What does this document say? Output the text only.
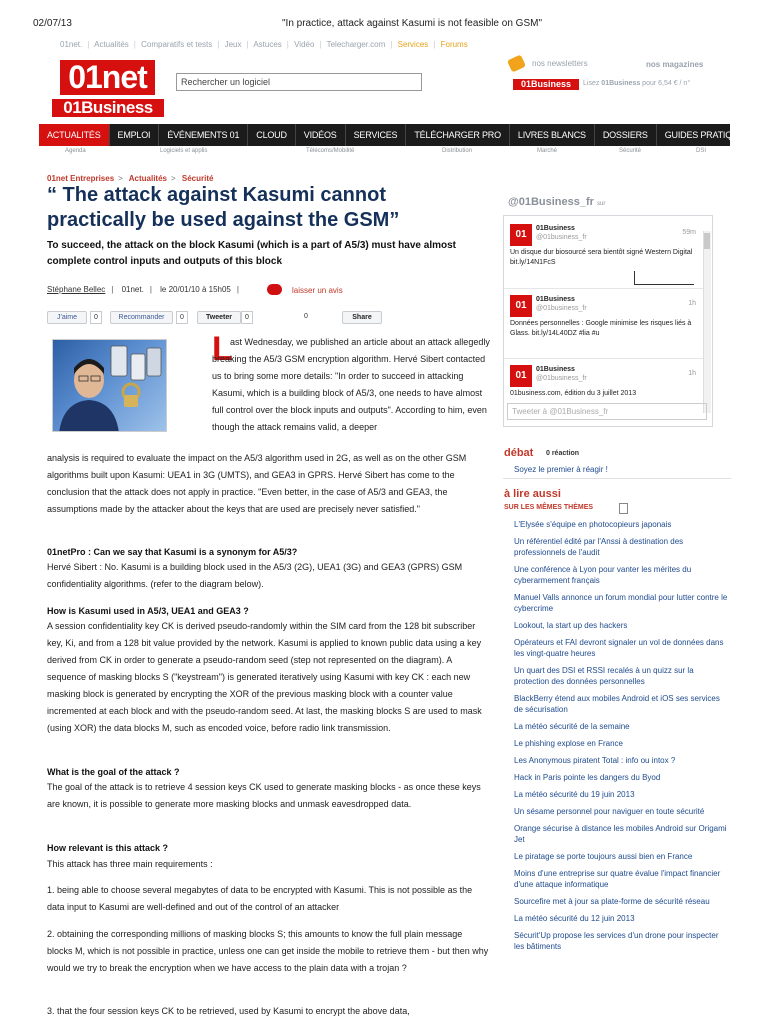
02/07/13	"In practice, attack against Kasumi is not feasible on GSM"
01net. | Actualités | Comparatifs et tests | Jeux | Astuces | Vidéo | Telecharger.com | Services | Forums
01net
01Business
Rechercher un logiciel
nos newsletters	nos magazines
01Business	Lisez 01Business pour 6,54 € / n°
ACTUALITÉS	EMPLOI	ÉVÉNEMENTS 01	CLOUD	VIDÉOS	SERVICES	TÉLÉCHARGER PRO	LIVRES BLANCS	DOSSIERS	GUIDES PRATIQUES
Agenda	Logiciels et applis	Télécoms/Mobilité	Distribution	Marché	Sécurité	DSI
01net Entreprises > Actualités > Sécurité
“ The attack against Kasumi cannot practically be used against the GSM”
To succeed, the attack on the block Kasumi (which is a part of A5/3) must have almost complete control inputs and outputs of this block
Stéphane Bellec | 01net. | le 20/01/10 à 15h05 |	laisser un avis
J'aime	0	Recommander	0	Tweeter	0	0	Share
L
ast Wednesday, we published an article about an attack allegedly breaking the A5/3 GSM encryption algorithm. Hervé Sibert contacted us to bring some more details: "In order to succeed in attacking Kasumi, which is a building block of A5/3, one needs to have almost full control over the block inputs and outputs". According to him, even though the attack remains valid, a deeper
analysis is required to evaluate the impact on the A5/3 algorithm used in 2G, as well as on the other GSM algorithms built upon Kasumi: UEA1 in 3G (UMTS), and GEA3 in GPRS. Hervé Sibert has come to the conclusion that the attack does not apply in practice. "Even better, in the case of A5/3 and GEA3, the assumptions made by the attacker about the keys that are used are precisely never satisfied."
01netPro : Can we say that Kasumi is a synonym for A5/3?
Hervé Sibert : No. Kasumi is a building block used in the A5/3 (2G), UEA1 (3G) and GEA3 (GPRS) GSM confidentiality algorithms. (refer to the diagram below).
How is Kasumi used in A5/3, UEA1 and GEA3 ?
A session confidentiality key CK is derived pseudo-randomly within the SIM card from the 128 bit subscriber key, Ki, and from a 128 bit value provided by the network. Kasumi is applied to known public data using a key derived from CK in order to generate a pseudo-random seed (step not represented on the diagram). A sequence of masking blocks S ("keystream") is generated iteratively using Kasumi with key CK : each new masking block is generated by encrypting the XOR of the previous masking block with a counter value incremented at each block and with the pseudo-random seed. At last, the masking blocks S are used to mask (using XOR) the data blocks M, such as encoded voice, before radio link transmission.
What is the goal of the attack ?
The goal of the attack is to retrieve 4 session keys CK used to generate masking blocks - as once these keys are known, it is possible to generate more masking blocks and unmask eavesdropped data.
How relevant is this attack ?
This attack has three main requirements :
1. being able to choose several megabytes of data to be encrypted with Kasumi. This is not possible as the data input to Kasumi are well-defined and out of the control of an attacker
2. obtaining the corresponding millions of masking blocks S; this amounts to know the full plain message blocks M, which is not possible in practice, unless one can get inside the mobile to retrieve them - but then why would we try to break the encryption when we have access to the plain data with a trojan ?
3. that the four session keys CK to be retrieved, used by Kasumi to encrypt the above data,
@01Business_fr sur
01
01Business
@01business_fr
59m
Un disque dur biosourcé sera bientôt signé Western Digital bit.ly/14N1FcS
01
01Business
@01business_fr
1h
Données personnelles : Google minimise les risques liés à Glass. bit.ly/14L40DZ #lia #u
01
01Business
@01business_fr
1h
01business.com, édition du 3 juillet 2013
Tweeter à @01Business_fr
débat 0 réaction
Soyez le premier à réagir !
à lire aussi
SUR LES MÊMES THÈMES
L'Elysée s'équipe en photocopieurs japonais
Un référentiel édité par l'Anssi à destination des professionnels de l'audit
Une conférence à Lyon pour vanter les mérites du cyberarmement français
Manuel Valls annonce un forum mondial pour lutter contre le cybercrime
Lookout, la start up des hackers
Opérateurs et FAI devront signaler un vol de données dans les vingt-quatre heures
Un quart des DSI et RSSI recalés à un quizz sur la protection des données personnelles
BlackBerry étend aux mobiles Android et iOS ses services de sécurisation
La météo sécurité de la semaine
Le phishing explose en France
Les Anonymous piratent Total : info ou intox ?
Hack in Paris pointe les dangers du Byod
La météo sécurité du 19 juin 2013
Un sésame personnel pour naviguer en toute sécurité
Orange sécurise à distance les mobiles Android sur Origami Jet
Le piratage se porte toujours aussi bien en France
Moins d'une entreprise sur quatre évalue l'impact financier d'une attaque informatique
Sourcefire met à jour sa plate-forme de sécurité réseau
La météo sécurité du 12 juin 2013
Sécurit'Up propose les services d'un drone pour inspecter les bâtiments
